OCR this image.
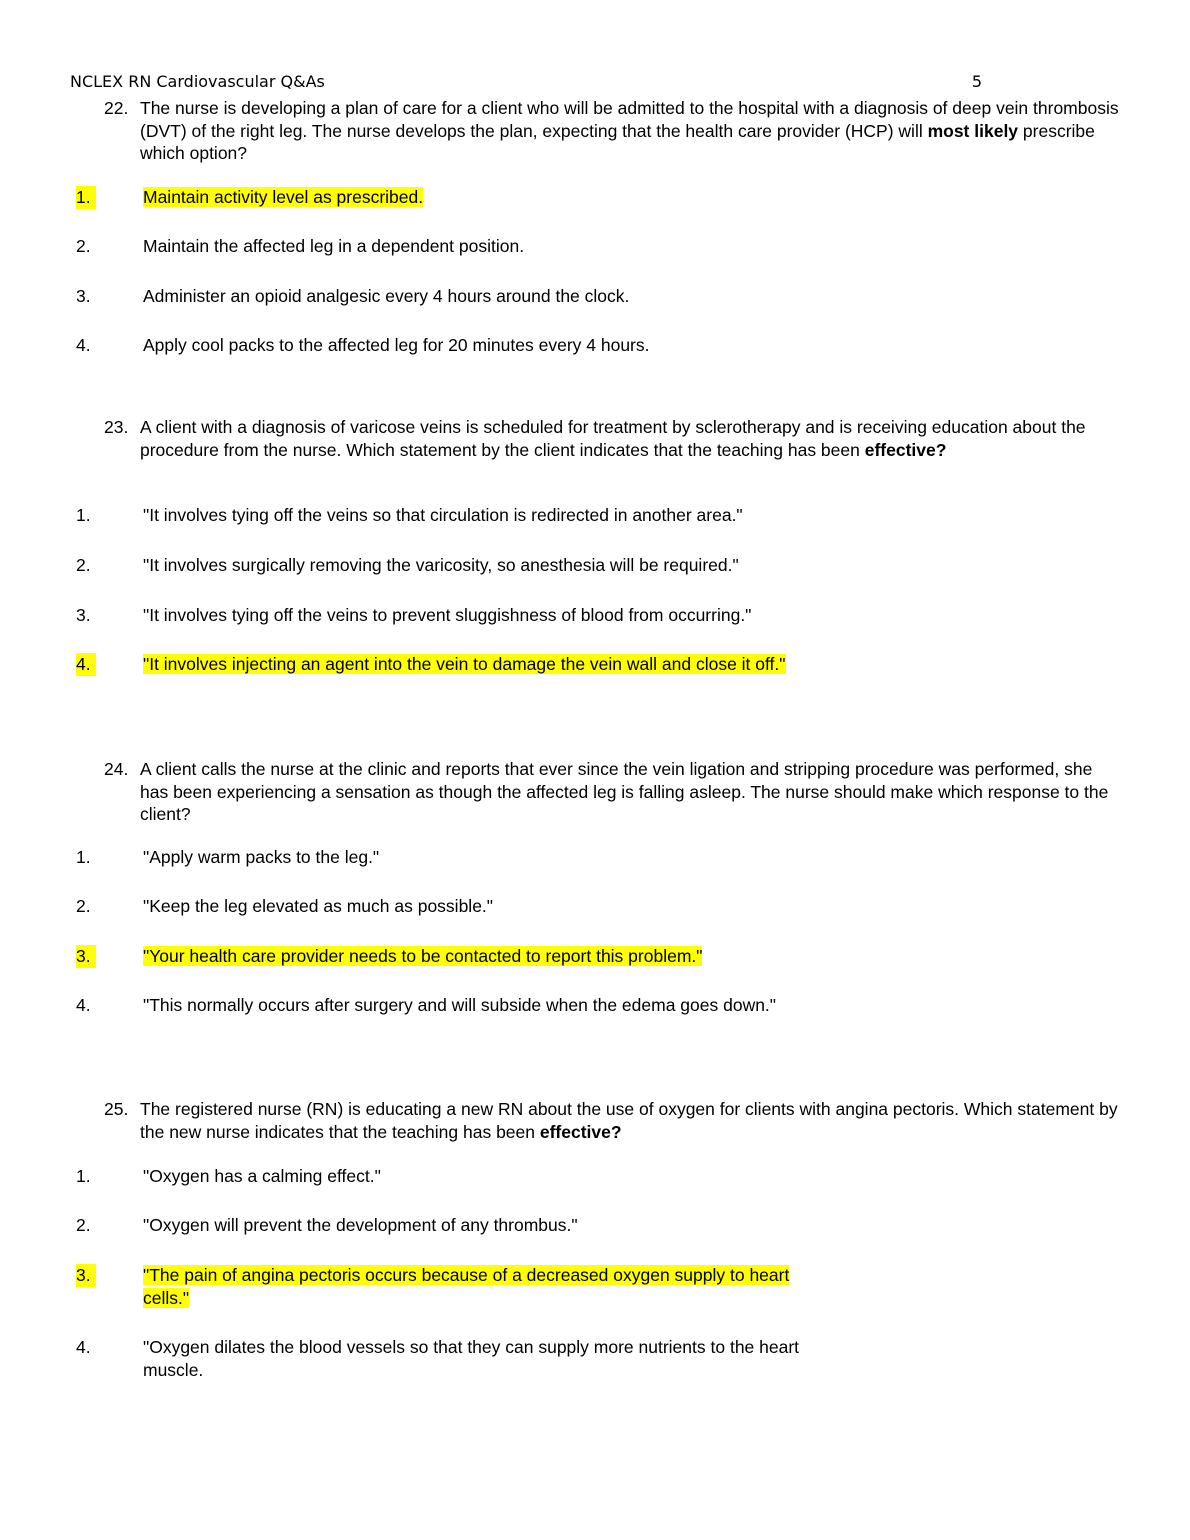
NCLEX RN Cardiovascular Q&As	5
22. The nurse is developing a plan of care for a client who will be admitted to the hospital with a diagnosis of deep vein thrombosis (DVT) of the right leg. The nurse develops the plan, expecting that the health care provider (HCP) will most likely prescribe which option?
1.	Maintain activity level as prescribed.
2.	Maintain the affected leg in a dependent position.
3.	Administer an opioid analgesic every 4 hours around the clock.
4.	Apply cool packs to the affected leg for 20 minutes every 4 hours.
23. A client with a diagnosis of varicose veins is scheduled for treatment by sclerotherapy and is receiving education about the procedure from the nurse. Which statement by the client indicates that the teaching has been effective?
1.	"It involves tying off the veins so that circulation is redirected in another area."
2.	"It involves surgically removing the varicosity, so anesthesia will be required."
3.	"It involves tying off the veins to prevent sluggishness of blood from occurring."
4.	"It involves injecting an agent into the vein to damage the vein wall and close it off."
24. A client calls the nurse at the clinic and reports that ever since the vein ligation and stripping procedure was performed, she has been experiencing a sensation as though the affected leg is falling asleep. The nurse should make which response to the client?
1.	"Apply warm packs to the leg."
2.	"Keep the leg elevated as much as possible."
3.	"Your health care provider needs to be contacted to report this problem."
4.	"This normally occurs after surgery and will subside when the edema goes down."
25. The registered nurse (RN) is educating a new RN about the use of oxygen for clients with angina pectoris. Which statement by the new nurse indicates that the teaching has been effective?
1.	"Oxygen has a calming effect."
2.	"Oxygen will prevent the development of any thrombus."
3.	"The pain of angina pectoris occurs because of a decreased oxygen supply to heart cells."
4.	"Oxygen dilates the blood vessels so that they can supply more nutrients to the heart muscle.
